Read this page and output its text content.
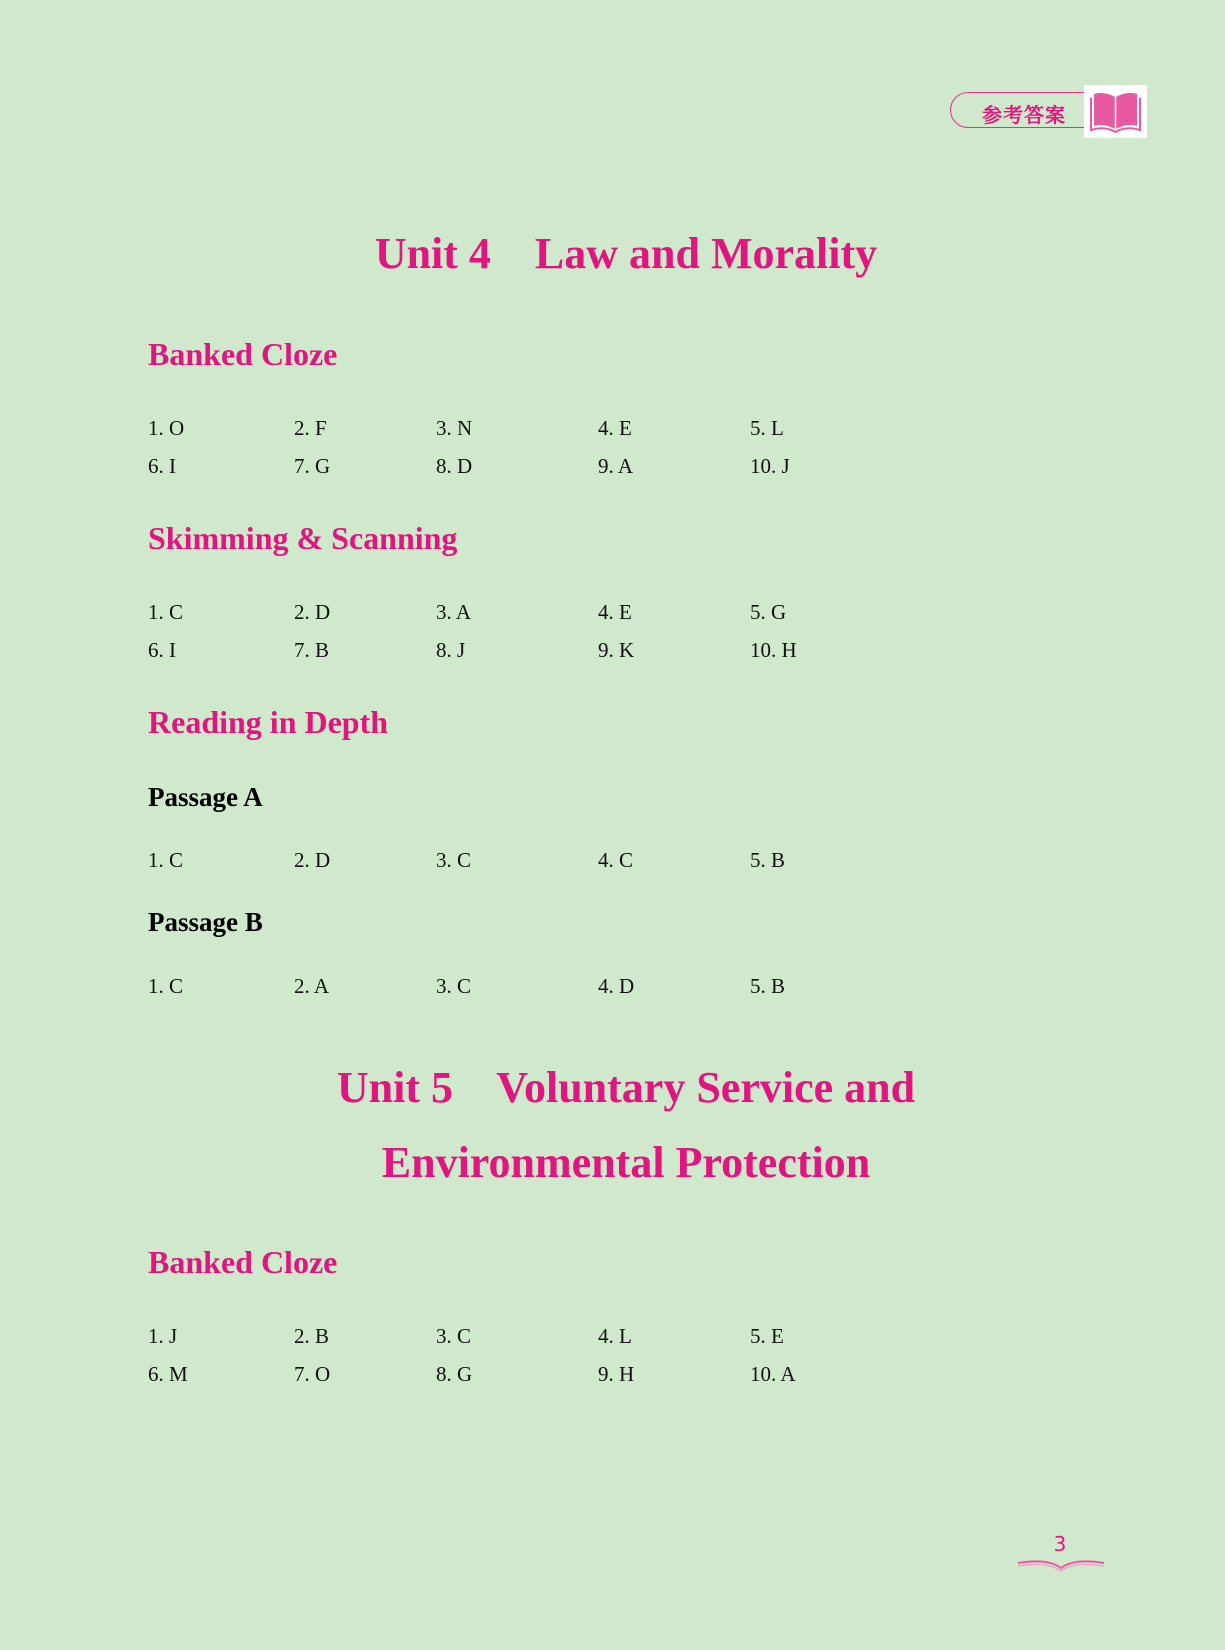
参考答案
Unit 4    Law and Morality
Banked Cloze
1. O	2. F	3. N	4. E	5. L
6. I	7. G	8. D	9. A	10. J
Skimming & Scanning
1. C	2. D	3. A	4. E	5. G
6. I	7. B	8. J	9. K	10. H
Reading in Depth
Passage A
1. C	2. D	3. C	4. C	5. B
Passage B
1. C	2. A	3. C	4. D	5. B
Unit 5    Voluntary Service and
Environmental Protection
Banked Cloze
1. J	2. B	3. C	4. L	5. E
6. M	7. O	8. G	9. H	10. A
3
